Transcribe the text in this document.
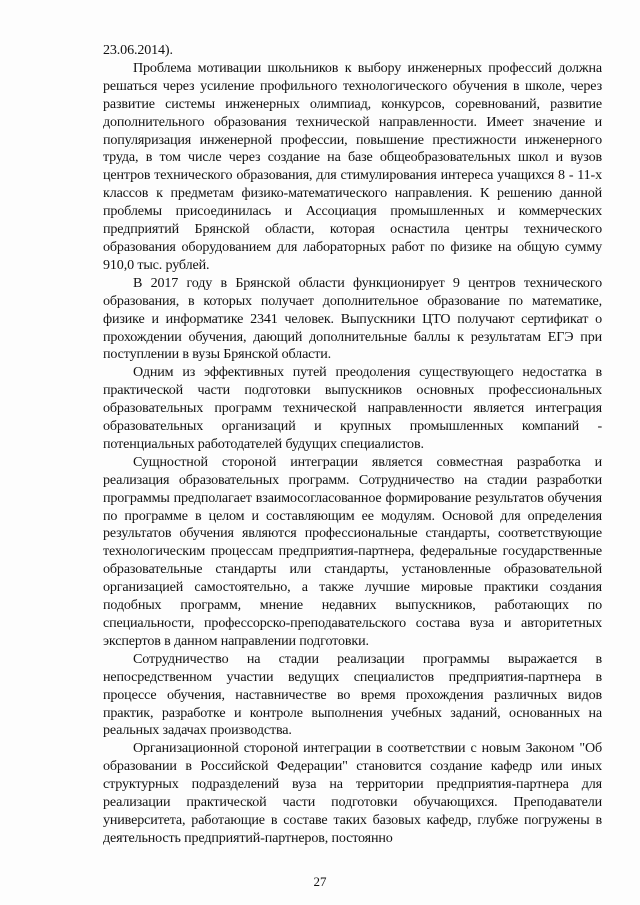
23.06.2014).

Проблема мотивации школьников к выбору инженерных профессий должна решаться через усиление профильного технологического обучения в школе, через развитие системы инженерных олимпиад, конкурсов, соревнований, развитие дополнительного образования технической направленности. Имеет значение и популяризация инженерной профессии, повышение престижности инженерного труда, в том числе через создание на базе общеобразовательных школ и вузов центров технического образования, для стимулирования интереса учащихся 8 - 11-х классов к предметам физико-математического направления. К решению данной проблемы присоединилась и Ассоциация промышленных и коммерческих предприятий Брянской области, которая оснастила центры технического образования оборудованием для лабораторных работ по физике на общую сумму 910,0 тыс. рублей.

В 2017 году в Брянской области функционирует 9 центров технического образования, в которых получает дополнительное образование по математике, физике и информатике 2341 человек. Выпускники ЦТО получают сертификат о прохождении обучения, дающий дополнительные баллы к результатам ЕГЭ при поступлении в вузы Брянской области.

Одним из эффективных путей преодоления существующего недостатка в практической части подготовки выпускников основных профессиональных образовательных программ технической направленности является интеграция образовательных организаций и крупных промышленных компаний - потенциальных работодателей будущих специалистов.

Сущностной стороной интеграции является совместная разработка и реализация образовательных программ. Сотрудничество на стадии разработки программы предполагает взаимосогласованное формирование результатов обучения по программе в целом и составляющим ее модулям. Основой для определения результатов обучения являются профессиональные стандарты, соответствующие технологическим процессам предприятия-партнера, федеральные государственные образовательные стандарты или стандарты, установленные образовательной организацией самостоятельно, а также лучшие мировые практики создания подобных программ, мнение недавних выпускников, работающих по специальности, профессорско-преподавательского состава вуза и авторитетных экспертов в данном направлении подготовки.

Сотрудничество на стадии реализации программы выражается в непосредственном участии ведущих специалистов предприятия-партнера в процессе обучения, наставничестве во время прохождения различных видов практик, разработке и контроле выполнения учебных заданий, основанных на реальных задачах производства.

Организационной стороной интеграции в соответствии с новым Законом "Об образовании в Российской Федерации" становится создание кафедр или иных структурных подразделений вуза на территории предприятия-партнера для реализации практической части подготовки обучающихся. Преподаватели университета, работающие в составе таких базовых кафедр, глубже погружены в деятельность предприятий-партнеров, постоянно

27
